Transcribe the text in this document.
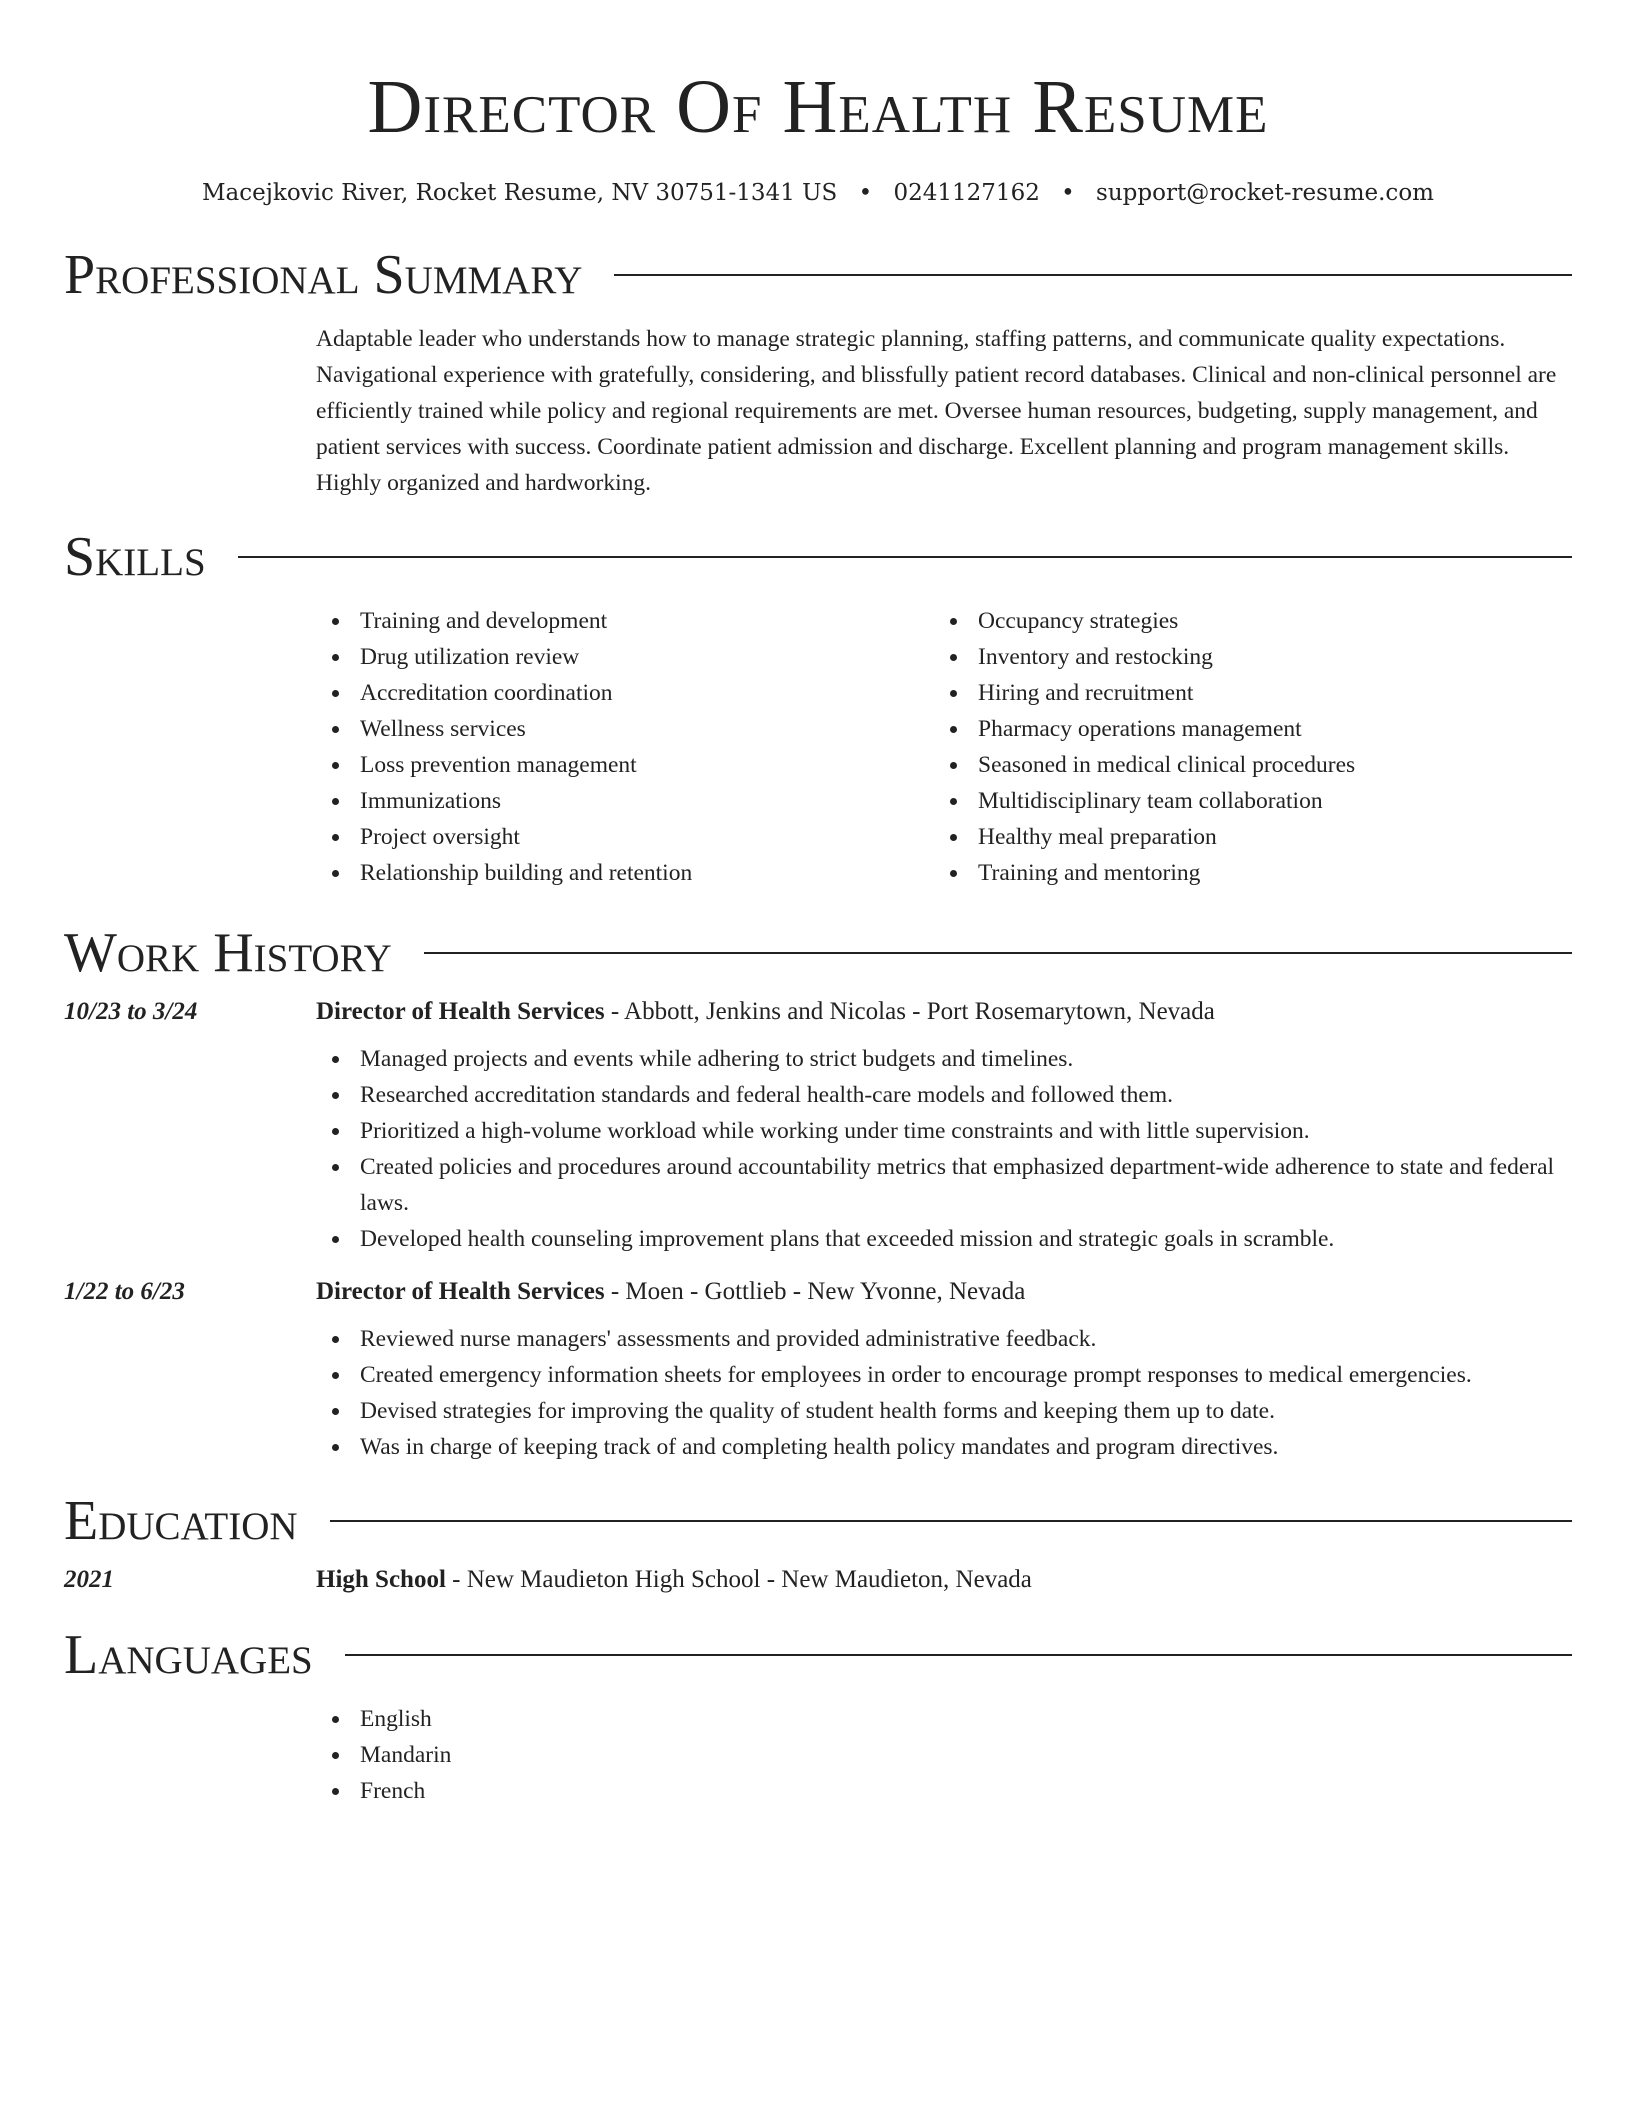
Director Of Health Resume
Macejkovic River, Rocket Resume, NV 30751-1341 US • 0241127162 • support@rocket-resume.com
Professional Summary

Adaptable leader who understands how to manage strategic planning, staffing patterns, and communicate quality expectations. Navigational experience with gratefully, considering, and blissfully patient record databases. Clinical and non-clinical personnel are efficiently trained while policy and regional requirements are met. Oversee human resources, budgeting, supply management, and patient services with success. Coordinate patient admission and discharge. Excellent planning and program management skills. Highly organized and hardworking.

Skills
Training and development
Drug utilization review
Accreditation coordination
Wellness services
Loss prevention management
Immunizations
Project oversight
Relationship building and retention
Occupancy strategies
Inventory and restocking
Hiring and recruitment
Pharmacy operations management
Seasoned in medical clinical procedures
Multidisciplinary team collaboration
Healthy meal preparation
Training and mentoring
Work History
10/23 to 3/24	Director of Health Services - Abbott, Jenkins and Nicolas - Port Rosemarytown, Nevada
Managed projects and events while adhering to strict budgets and timelines.
Researched accreditation standards and federal health-care models and followed them.
Prioritized a high-volume workload while working under time constraints and with little supervision.
Created policies and procedures around accountability metrics that emphasized department-wide adherence to state and federal laws.
Developed health counseling improvement plans that exceeded mission and strategic goals in scramble.
1/22 to 6/23	Director of Health Services - Moen - Gottlieb - New Yvonne, Nevada
Reviewed nurse managers' assessments and provided administrative feedback.
Created emergency information sheets for employees in order to encourage prompt responses to medical emergencies.
Devised strategies for improving the quality of student health forms and keeping them up to date.
Was in charge of keeping track of and completing health policy mandates and program directives.
Education
2021	High School - New Maudieton High School - New Maudieton, Nevada
Languages
English
Mandarin
French
